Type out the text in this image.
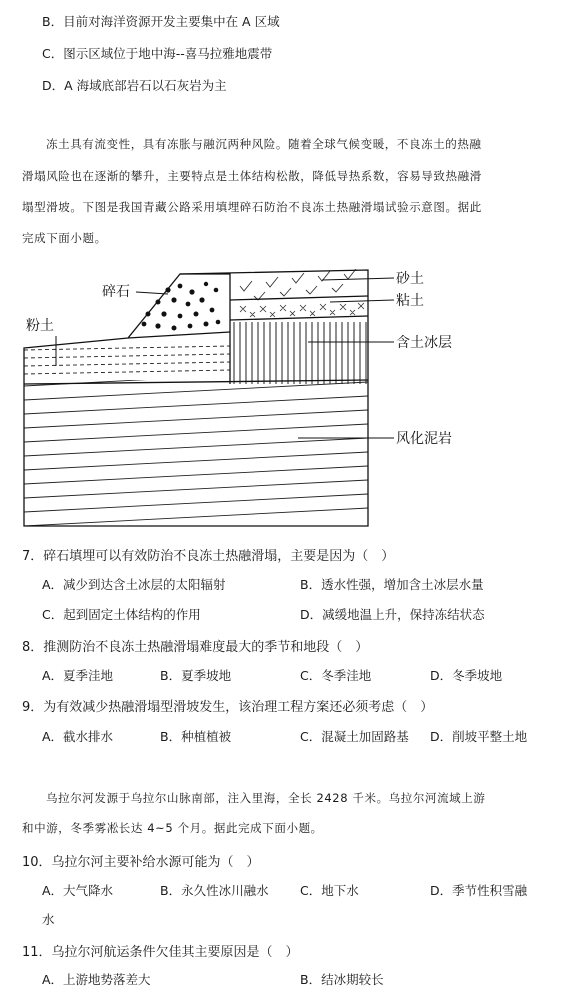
B．目前对海洋资源开发主要集中在 A 区域
C．图示区域位于地中海--喜马拉雅地震带
D．A 海域底部岩石以石灰岩为主
冻土具有流变性，具有冻胀与融沉两种风险。随着全球气候变暖，不良冻土的热融
滑塌风险也在逐渐的攀升，主要特点是土体结构松散，降低导热系数，容易导致热融滑
塌型滑坡。下图是我国青藏公路采用填埋碎石防治不良冻土热融滑塌试验示意图。据此
完成下面小题。
碎石
砂土
粘土
粉土
含土冰层
风化泥岩
7．碎石填埋可以有效防治不良冻土热融滑塌，主要是因为（　）
A．减少到达含土冰层的太阳辐射	B．透水性强，增加含土冰层水量
C．起到固定土体结构的作用	D．减缓地温上升，保持冻结状态
8．推测防治不良冻土热融滑塌难度最大的季节和地段（　）
A．夏季洼地	B．夏季坡地	C．冬季洼地	D．冬季坡地
9．为有效减少热融滑塌型滑坡发生，该治理工程方案还必须考虑（　）
A．截水排水	B．种植植被	C．混凝土加固路基 D．削坡平整土地
乌拉尔河发源于乌拉尔山脉南部，注入里海，全长 2428 千米。乌拉尔河流域上游
和中游，冬季雾凇长达 4~5 个月。据此完成下面小题。
10．乌拉尔河主要补给水源可能为（　）
A．大气降水	B．永久性冰川融水	C．地下水	D．季节性积雪融
水
11．乌拉尔河航运条件欠佳其主要原因是（　）
A．上游地势落差大	B．结冰期较长
